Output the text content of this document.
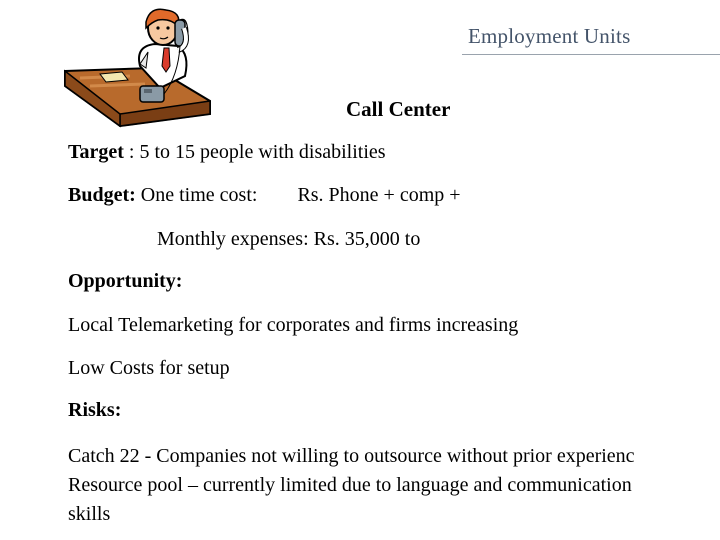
Employment Units
Call Center
Target : 5 to 15 people with disabilities
Budget: One time cost: Rs. Phone + comp +
Monthly expenses: Rs. 35,000 to
Opportunity:
Local Telemarketing for corporates and firms increasing
Low Costs for setup
Risks:
Catch 22 - Companies not willing to outsource without prior experienc
Resource pool – currently limited due to language and communication
skills
